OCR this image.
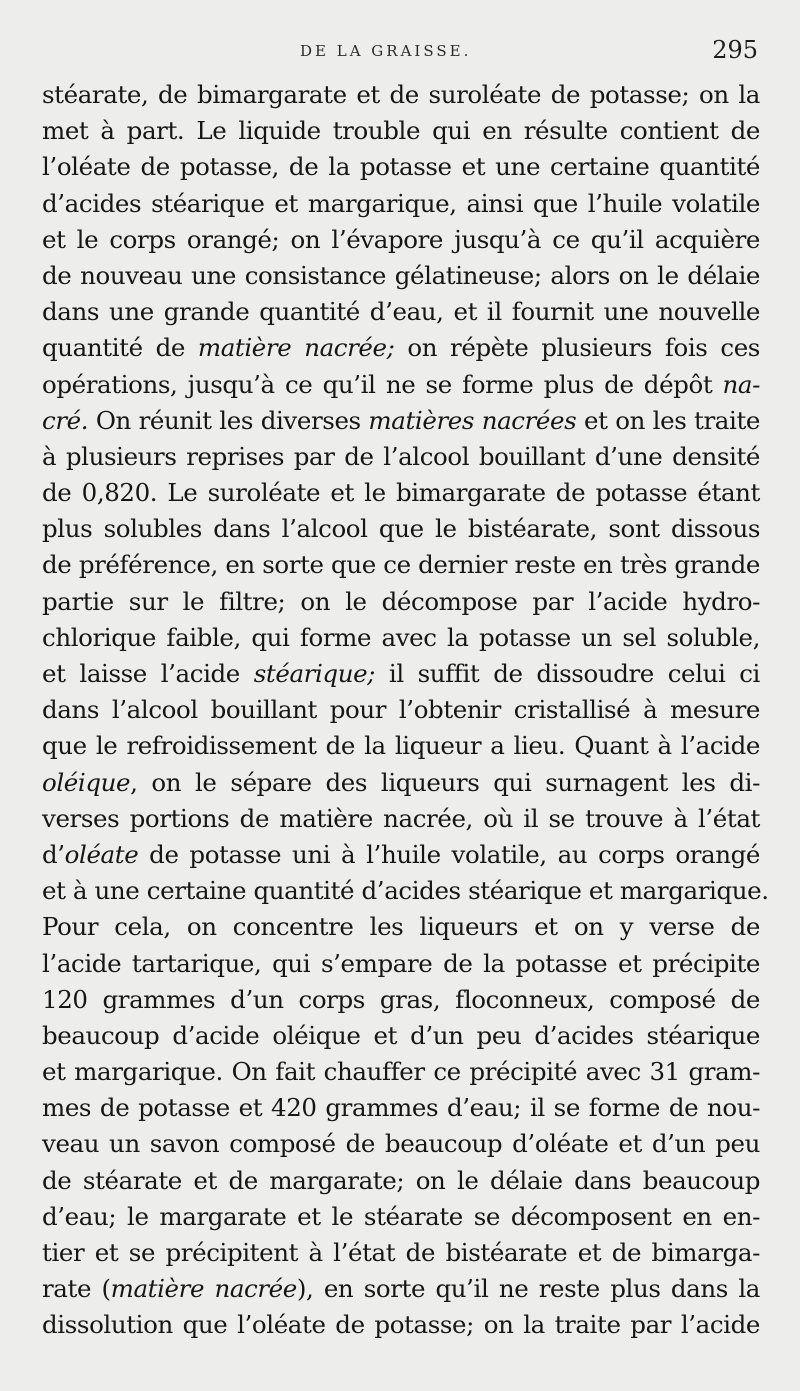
DE LA GRAISSE.	295
stéarate, de bimargarate et de suroléate de potasse; on la
met à part. Le liquide trouble qui en résulte contient de
l’oléate de potasse, de la potasse et une certaine quantité
d’acides stéarique et margarique, ainsi que l’huile volatile
et le corps orangé; on l’évapore jusqu’à ce qu’il acquière
de nouveau une consistance gélatineuse; alors on le délaie
dans une grande quantité d’eau, et il fournit une nouvelle
quantité de matière nacrée; on répète plusieurs fois ces
opérations, jusqu’à ce qu’il ne se forme plus de dépôt na-
cré. On réunit les diverses matières nacrées et on les traite
à plusieurs reprises par de l’alcool bouillant d’une densité
de 0,820. Le suroléate et le bimargarate de potasse étant
plus solubles dans l’alcool que le bistéarate, sont dissous
de préférence, en sorte que ce dernier reste en très grande
partie sur le filtre; on le décompose par l’acide hydro-
chlorique faible, qui forme avec la potasse un sel soluble,
et laisse l’acide stéarique; il suffit de dissoudre celui ci
dans l’alcool bouillant pour l’obtenir cristallisé à mesure
que le refroidissement de la liqueur a lieu. Quant à l’acide
oléique, on le sépare des liqueurs qui surnagent les di-
verses portions de matière nacrée, où il se trouve à l’état
d’oléate de potasse uni à l’huile volatile, au corps orangé
et à une certaine quantité d’acides stéarique et margarique.
Pour cela, on concentre les liqueurs et on y verse de
l’acide tartarique, qui s’empare de la potasse et précipite
120 grammes d’un corps gras, floconneux, composé de
beaucoup d’acide oléique et d’un peu d’acides stéarique
et margarique. On fait chauffer ce précipité avec 31 gram-
mes de potasse et 420 grammes d’eau; il se forme de nou-
veau un savon composé de beaucoup d’oléate et d’un peu
de stéarate et de margarate; on le délaie dans beaucoup
d’eau; le margarate et le stéarate se décomposent en en-
tier et se précipitent à l’état de bistéarate et de bimarga-
rate (matière nacrée), en sorte qu’il ne reste plus dans la
dissolution que l’oléate de potasse; on la traite par l’acide
